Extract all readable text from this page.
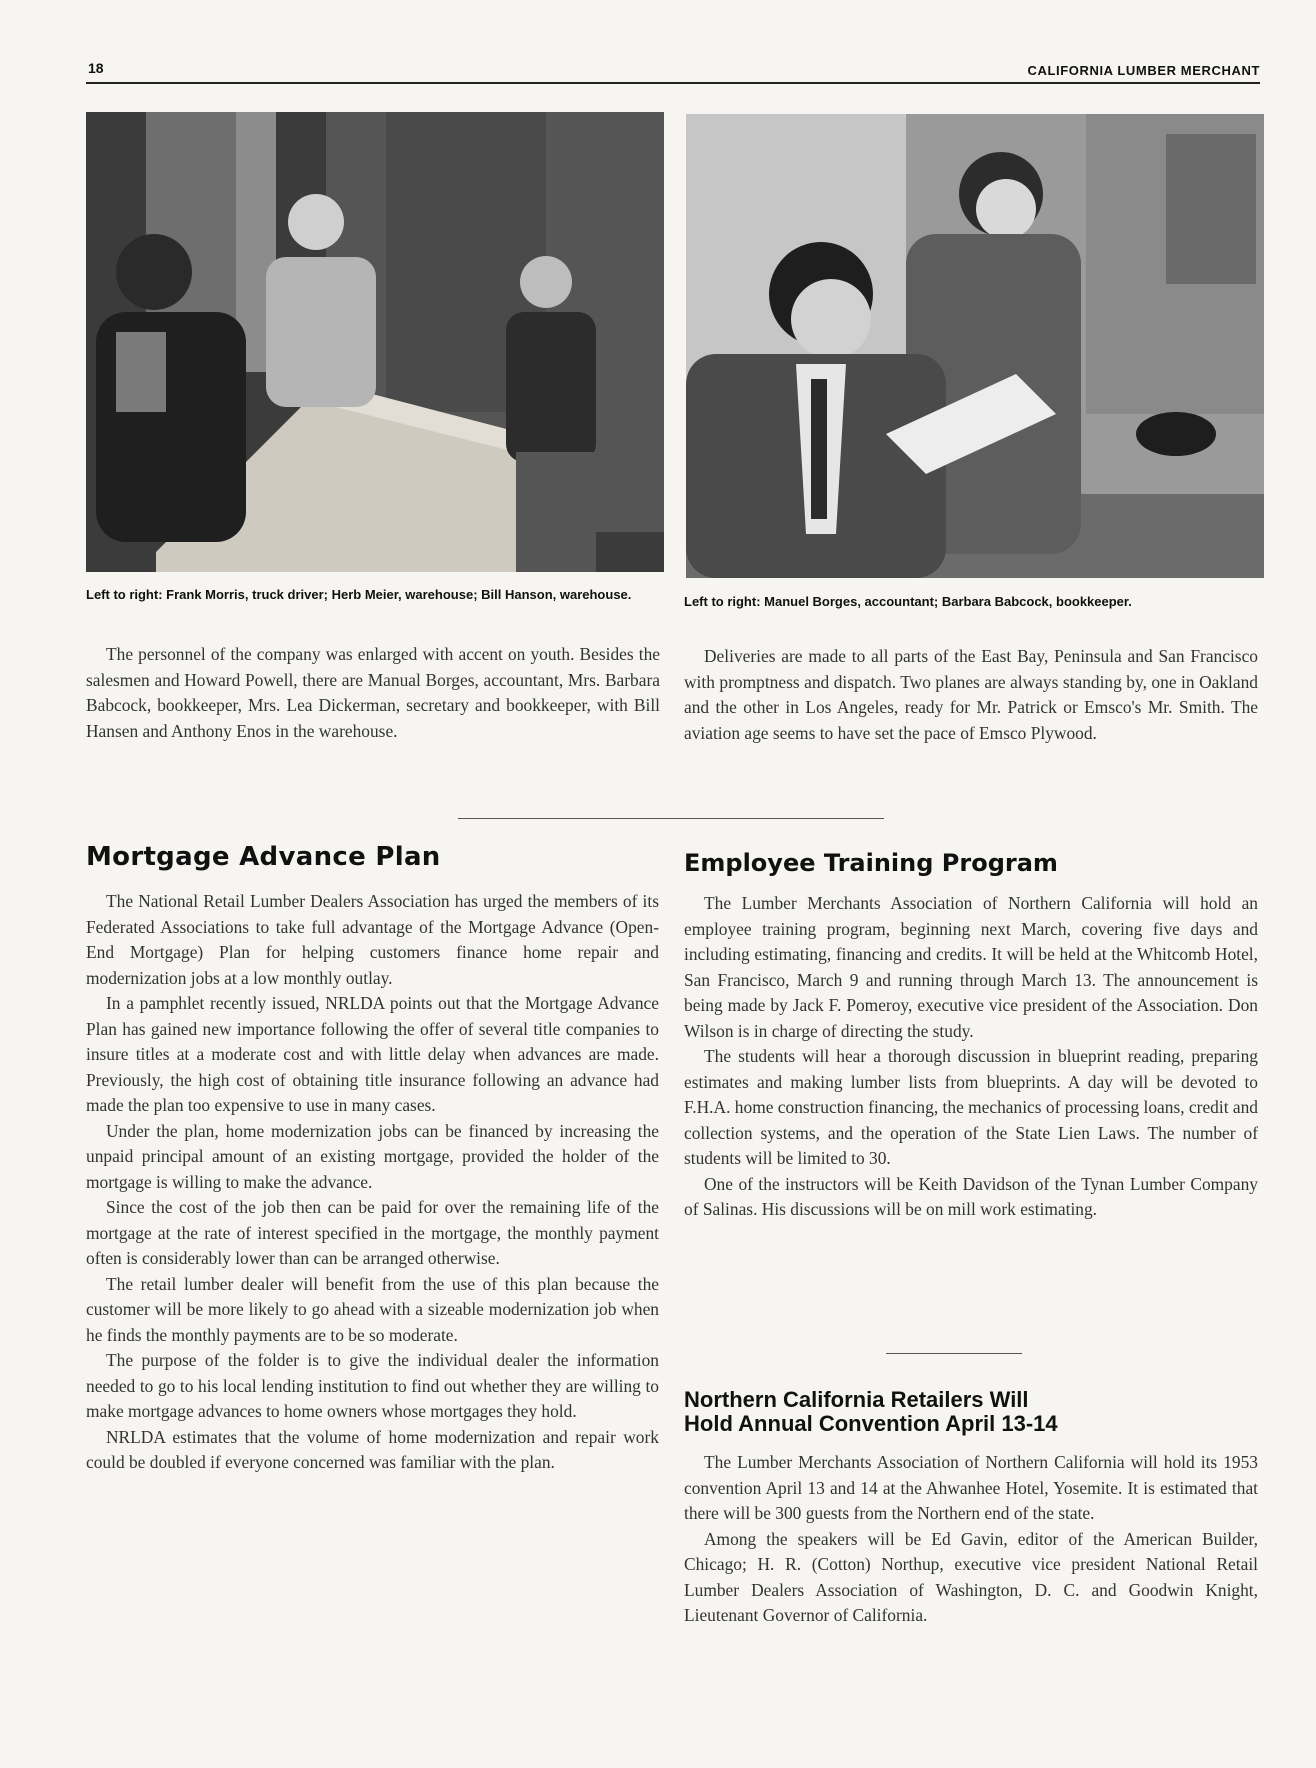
18	CALIFORNIA LUMBER MERCHANT
Left to right: Frank Morris, truck driver; Herb Meier, warehouse; Bill Hanson, warehouse.	Left to right: Manuel Borges, accountant; Barbara Babcock, bookkeeper.
The personnel of the company was enlarged with accent on youth. Besides the salesmen and Howard Powell, there are Manual Borges, accountant, Mrs. Barbara Babcock, bookkeeper, Mrs. Lea Dickerman, secretary and bookkeeper, with Bill Hansen and Anthony Enos in the warehouse.

Deliveries are made to all parts of the East Bay, Peninsula and San Francisco with promptness and dispatch. Two planes are always standing by, one in Oakland and the other in Los Angeles, ready for Mr. Patrick or Emsco's Mr. Smith. The aviation age seems to have set the pace of Emsco Plywood.

Mortgage Advance Plan

The National Retail Lumber Dealers Association has urged the members of its Federated Associations to take full advantage of the Mortgage Advance (Open-End Mortgage) Plan for helping customers finance home repair and modernization jobs at a low monthly outlay.

In a pamphlet recently issued, NRLDA points out that the Mortgage Advance Plan has gained new importance following the offer of several title companies to insure titles at a moderate cost and with little delay when advances are made. Previously, the high cost of obtaining title insurance following an advance had made the plan too expensive to use in many cases.

Under the plan, home modernization jobs can be financed by increasing the unpaid principal amount of an existing mortgage, provided the holder of the mortgage is willing to make the advance.

Since the cost of the job then can be paid for over the remaining life of the mortgage at the rate of interest specified in the mortgage, the monthly payment often is considerably lower than can be arranged otherwise.

The retail lumber dealer will benefit from the use of this plan because the customer will be more likely to go ahead with a sizeable modernization job when he finds the monthly payments are to be so moderate.

The purpose of the folder is to give the individual dealer the information needed to go to his local lending institution to find out whether they are willing to make mortgage advances to home owners whose mortgages they hold.

NRLDA estimates that the volume of home modernization and repair work could be doubled if everyone concerned was familiar with the plan.

Employee Training Program

The Lumber Merchants Association of Northern California will hold an employee training program, beginning next March, covering five days and including estimating, financing and credits. It will be held at the Whitcomb Hotel, San Francisco, March 9 and running through March 13. The announcement is being made by Jack F. Pomeroy, executive vice president of the Association. Don Wilson is in charge of directing the study.

The students will hear a thorough discussion in blueprint reading, preparing estimates and making lumber lists from blueprints. A day will be devoted to F.H.A. home construction financing, the mechanics of processing loans, credit and collection systems, and the operation of the State Lien Laws. The number of students will be limited to 30.

One of the instructors will be Keith Davidson of the Tynan Lumber Company of Salinas. His discussions will be on mill work estimating.

Northern California Retailers Will
Hold Annual Convention April 13-14

The Lumber Merchants Association of Northern California will hold its 1953 convention April 13 and 14 at the Ahwanhee Hotel, Yosemite. It is estimated that there will be 300 guests from the Northern end of the state.

Among the speakers will be Ed Gavin, editor of the American Builder, Chicago; H. R. (Cotton) Northup, executive vice president National Retail Lumber Dealers Association of Washington, D. C. and Goodwin Knight, Lieutenant Governor of California.
